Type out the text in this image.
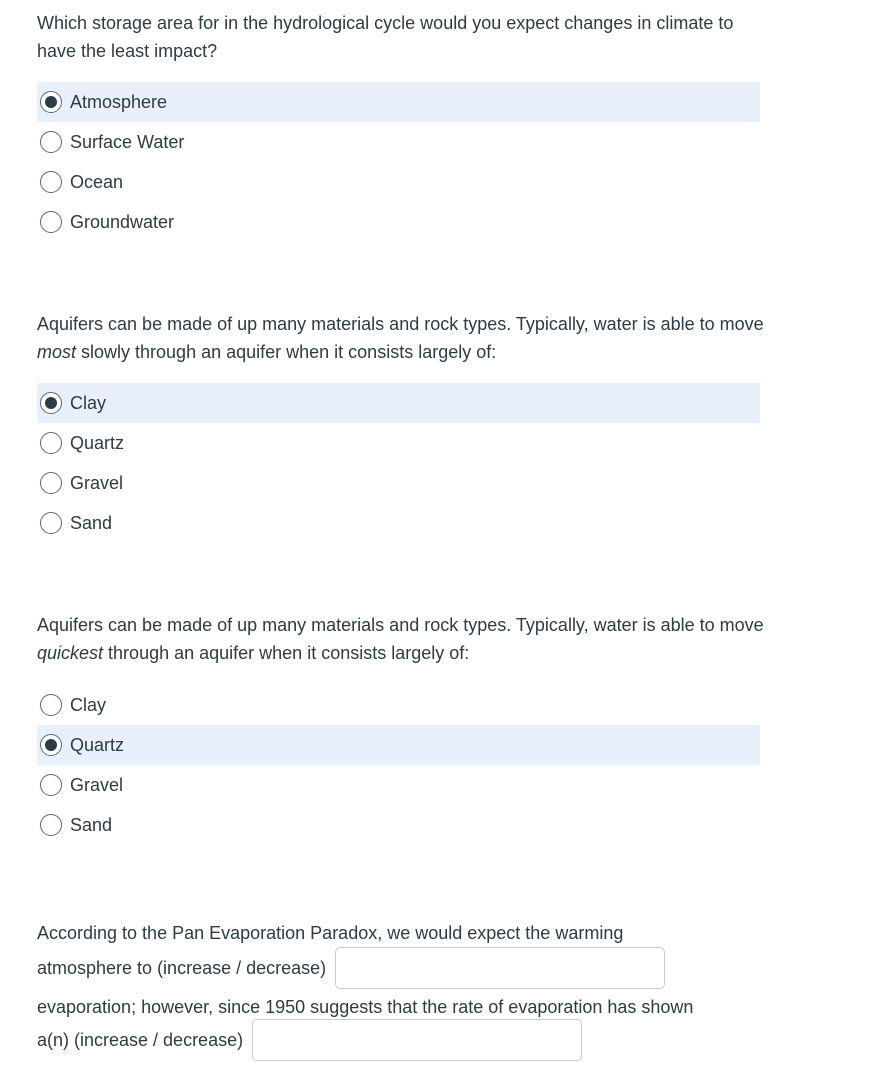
Which storage area for in the hydrological cycle would you expect changes in climate to have the least impact?

Atmosphere
Surface Water
Ocean
Groundwater

Aquifers can be made of up many materials and rock types. Typically, water is able to move most slowly through an aquifer when it consists largely of:

Clay
Quartz
Gravel
Sand

Aquifers can be made of up many materials and rock types. Typically, water is able to move quickest through an aquifer when it consists largely of:

Clay
Quartz
Gravel
Sand
According to the Pan Evaporation Paradox, we would expect the warming
atmosphere to (increase / decrease)
evaporation; however, since 1950 suggests that the rate of evaporation has shown
a(n) (increase / decrease)
